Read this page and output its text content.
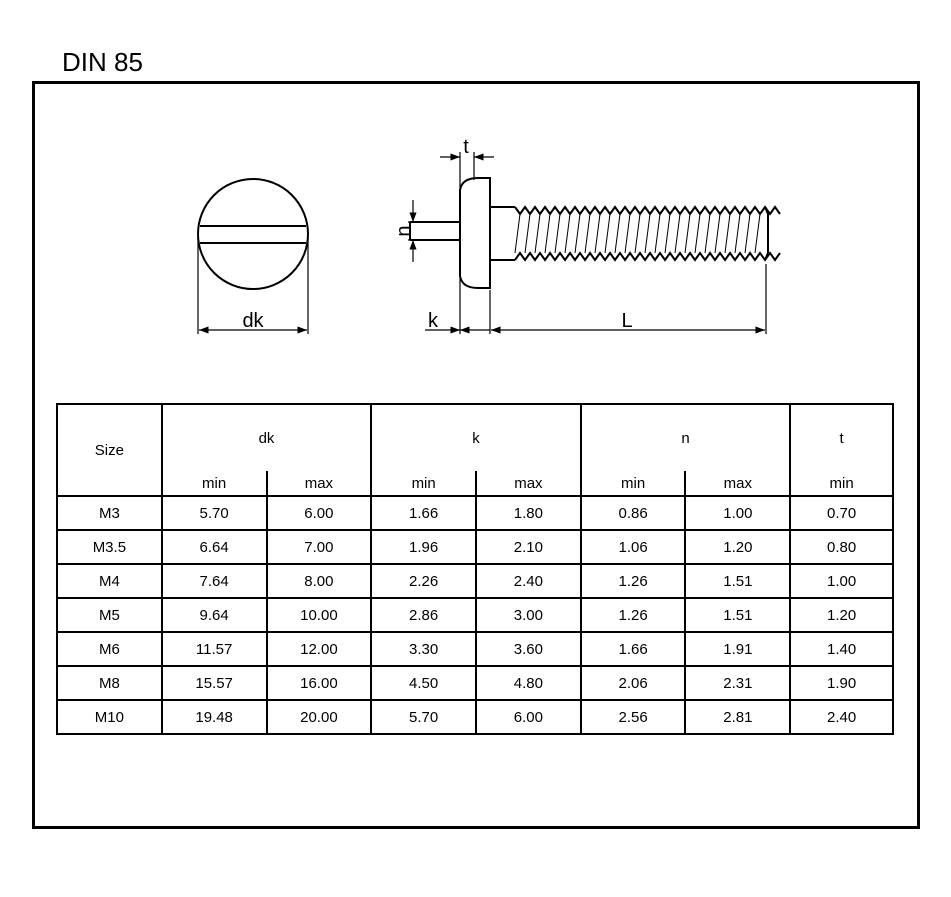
DIN 85
dk
t
n
k	L
Size	dk		k		n		t
	min	max	min	max	min	max	min
M3	5.70	6.00	1.66	1.80	0.86	1.00	0.70
M3.5	6.64	7.00	1.96	2.10	1.06	1.20	0.80
M4	7.64	8.00	2.26	2.40	1.26	1.51	1.00
M5	9.64	10.00	2.86	3.00	1.26	1.51	1.20
M6	11.57	12.00	3.30	3.60	1.66	1.91	1.40
M8	15.57	16.00	4.50	4.80	2.06	2.31	1.90
M10	19.48	20.00	5.70	6.00	2.56	2.81	2.40
